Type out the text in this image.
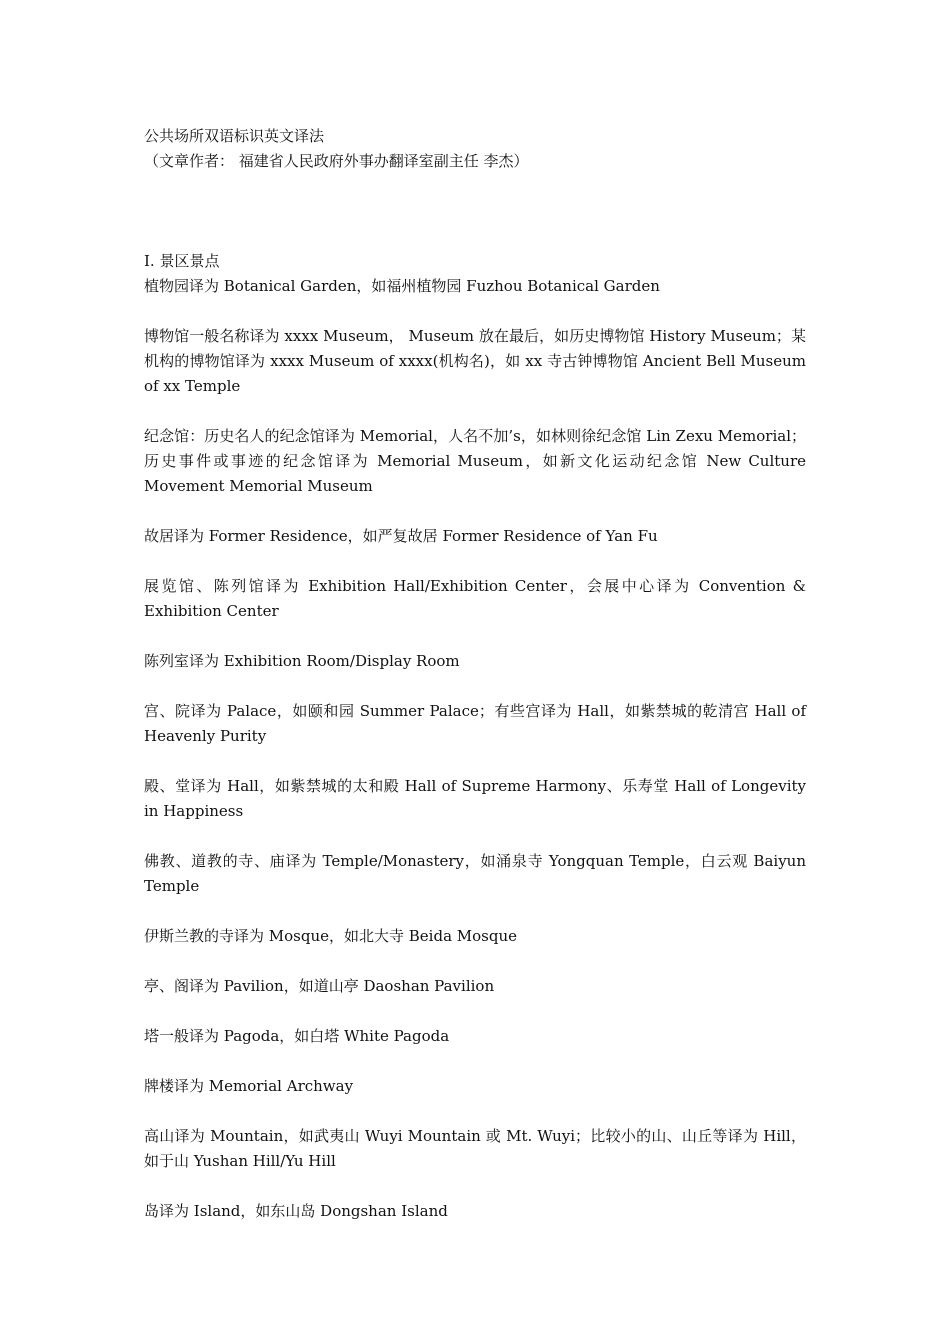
公共场所双语标识英文译法

（文章作者： 福建省人民政府外事办翻译室副主任 李杰）

I. 景区景点

植物园译为 Botanical Garden，如福州植物园 Fuzhou Botanical Garden

博物馆一般名称译为 xxxx Museum， Museum 放在最后，如历史博物馆 History Museum；某机构的博物馆译为 xxxx Museum of xxxx(机构名)，如 xx 寺古钟博物馆 Ancient Bell Museum of xx Temple

纪念馆：历史名人的纪念馆译为 Memorial，人名不加’s，如林则徐纪念馆 Lin Zexu Memorial；历史事件或事迹的纪念馆译为 Memorial Museum，如新文化运动纪念馆 New Culture Movement Memorial Museum

故居译为 Former Residence，如严复故居 Former Residence of Yan Fu

展览馆、陈列馆译为 Exhibition Hall/Exhibition Center，会展中心译为 Convention & Exhibition Center

陈列室译为 Exhibition Room/Display Room

宫、院译为 Palace，如颐和园 Summer Palace；有些宫译为 Hall，如紫禁城的乾清宫 Hall of Heavenly Purity

殿、堂译为 Hall，如紫禁城的太和殿 Hall of Supreme Harmony、乐寿堂 Hall of Longevity in Happiness

佛教、道教的寺、庙译为 Temple/Monastery，如涌泉寺 Yongquan Temple，白云观 Baiyun Temple

伊斯兰教的寺译为 Mosque，如北大寺 Beida Mosque

亭、阁译为 Pavilion，如道山亭 Daoshan Pavilion

塔一般译为 Pagoda，如白塔 White Pagoda

牌楼译为 Memorial Archway

高山译为 Mountain，如武夷山 Wuyi Mountain 或 Mt. Wuyi；比较小的山、山丘等译为 Hill，如于山 Yushan Hill/Yu Hill

岛译为 Island，如东山岛 Dongshan Island
